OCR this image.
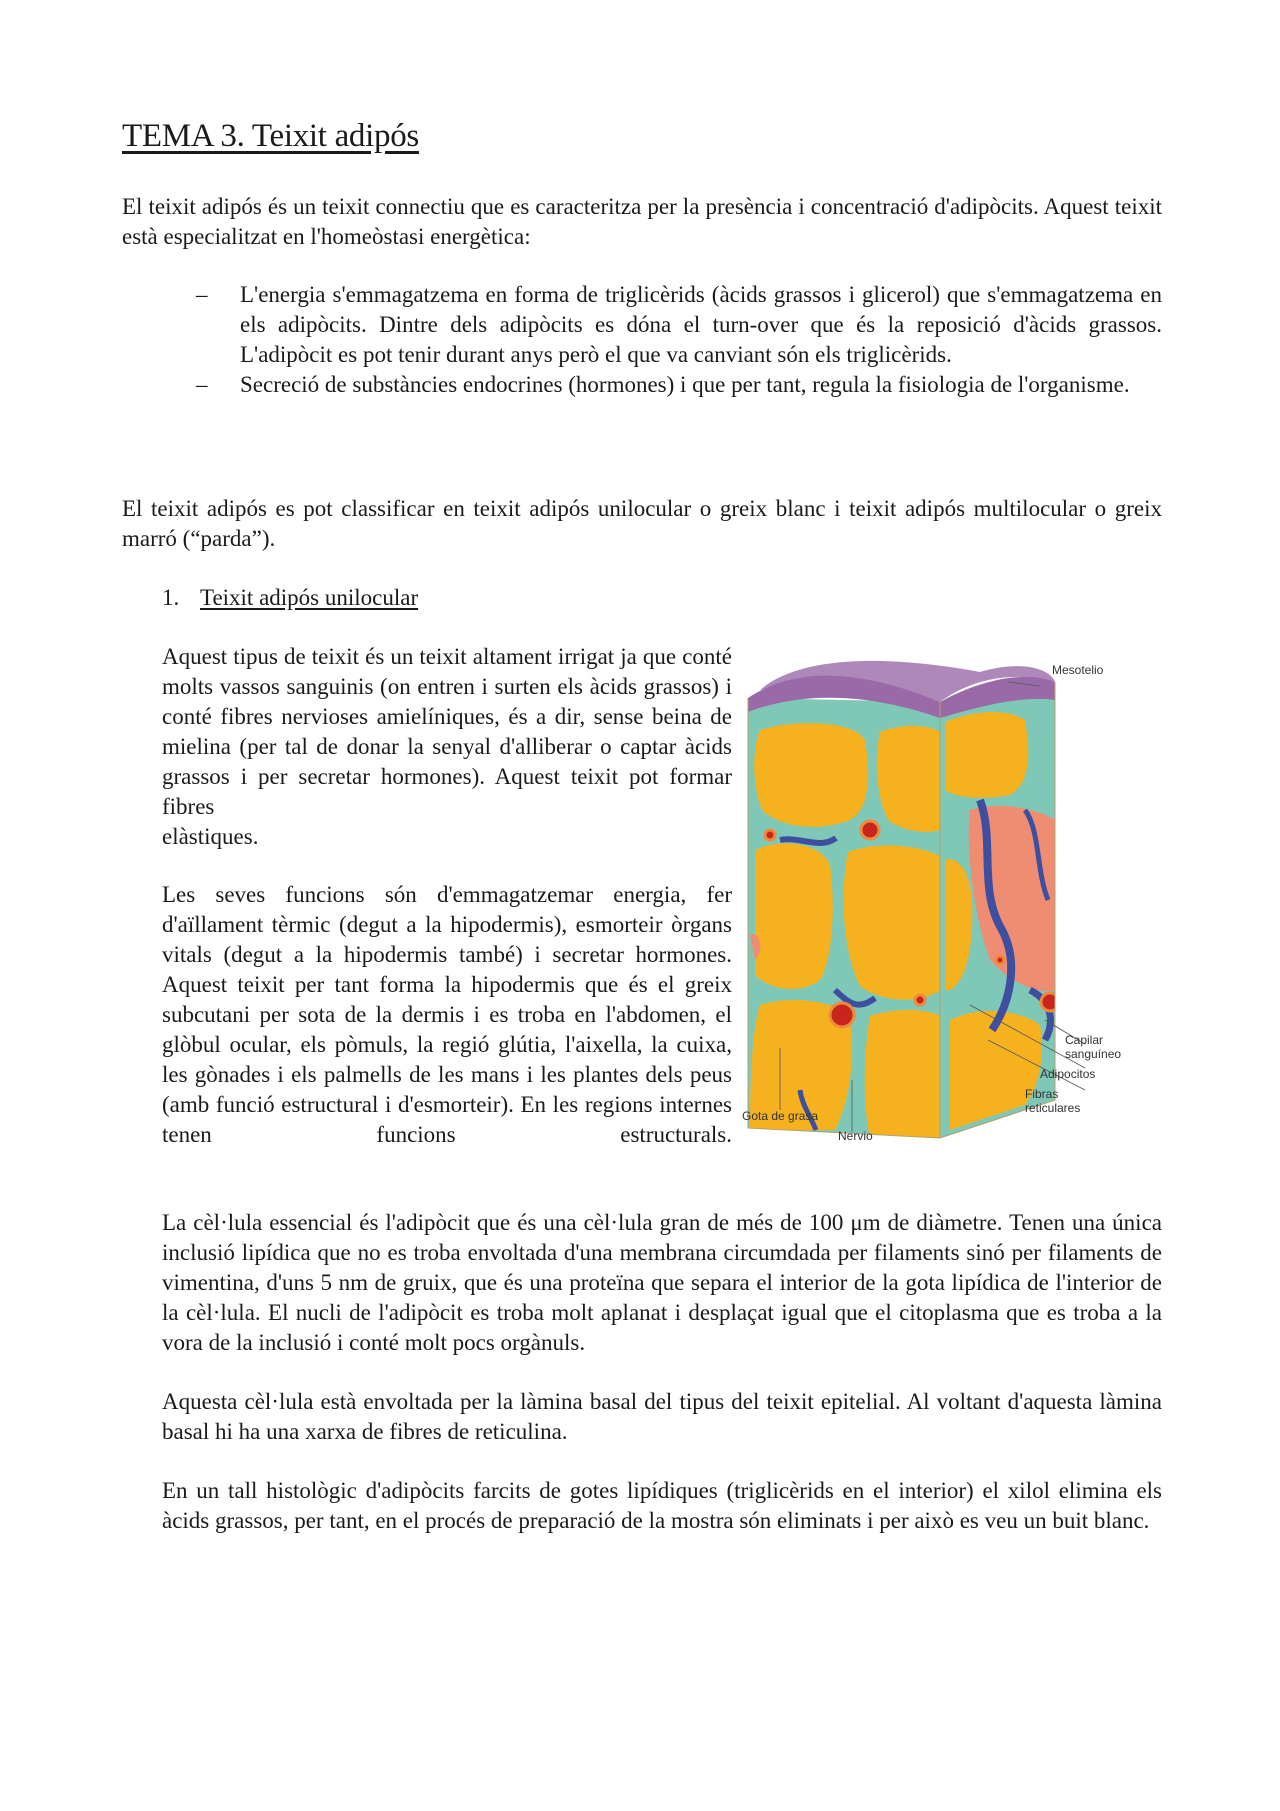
TEMA 3. Teixit adipós

El teixit adipós és un teixit connectiu que es caracteritza per la presència i concentració d'adipòcits. Aquest teixit està especialitzat en l'homeòstasi energètica:

– L'energia s'emmagatzema en forma de triglicèrids (àcids grassos i glicerol) que s'emmagatzema en els adipòcits. Dintre dels adipòcits es dóna el turn-over que és la reposició d'àcids grassos. L'adipòcit es pot tenir durant anys però el que va canviant són els triglicèrids.
– Secreció de substàncies endocrines (hormones) i que per tant, regula la fisiologia de l'organisme.

El teixit adipós es pot classificar en teixit adipós unilocular o greix blanc i teixit adipós multilocular o greix marró (“parda”).

1. Teixit adipós unilocular

Aquest tipus de teixit és un teixit altament irrigat ja que conté molts vassos sanguinis (on entren i surten els àcids grassos) i conté fibres nervioses amielíniques, és a dir, sense beina de mielina (per tal de donar la senyal d'alliberar o captar àcids grassos i per secretar hormones). Aquest teixit pot formar fibres
elàstiques.

Les seves funcions són d'emmagatzemar energia, fer d'aïllament tèrmic (degut a la hipodermis), esmorteir òrgans vitals (degut a la hipodermis també) i secretar hormones. Aquest teixit per tant forma la hipodermis que és el greix subcutani per sota de la dermis i es troba en l'abdomen, el glòbul ocular, els pòmuls, la regió glútia, l'aixella, la cuixa, les gònades i els palmells de les mans i les plantes dels peus (amb funció estructural i d'esmorteir). En les regions internes tenen funcions estructurals.

Mesotelio
Capilar
sanguíneo
Adipocitos
Fibras
reticulares
Gota de grasa
Nervio

La cèl·lula essencial és l'adipòcit que és una cèl·lula gran de més de 100 μm de diàmetre. Tenen una única inclusió lipídica que no es troba envoltada d'una membrana circumdada per filaments sinó per filaments de vimentina, d'uns 5 nm de gruix, que és una proteïna que separa el interior de la gota lipídica de l'interior de la cèl·lula. El nucli de l'adipòcit es troba molt aplanat i desplaçat igual que el citoplasma que es troba a la vora de la inclusió i conté molt pocs orgànuls.

Aquesta cèl·lula està envoltada per la làmina basal del tipus del teixit epitelial. Al voltant d'aquesta làmina basal hi ha una xarxa de fibres de reticulina.

En un tall histològic d'adipòcits farcits de gotes lipídiques (triglicèrids en el interior) el xilol elimina els àcids grassos, per tant, en el procés de preparació de la mostra són eliminats i per això es veu un buit blanc.
